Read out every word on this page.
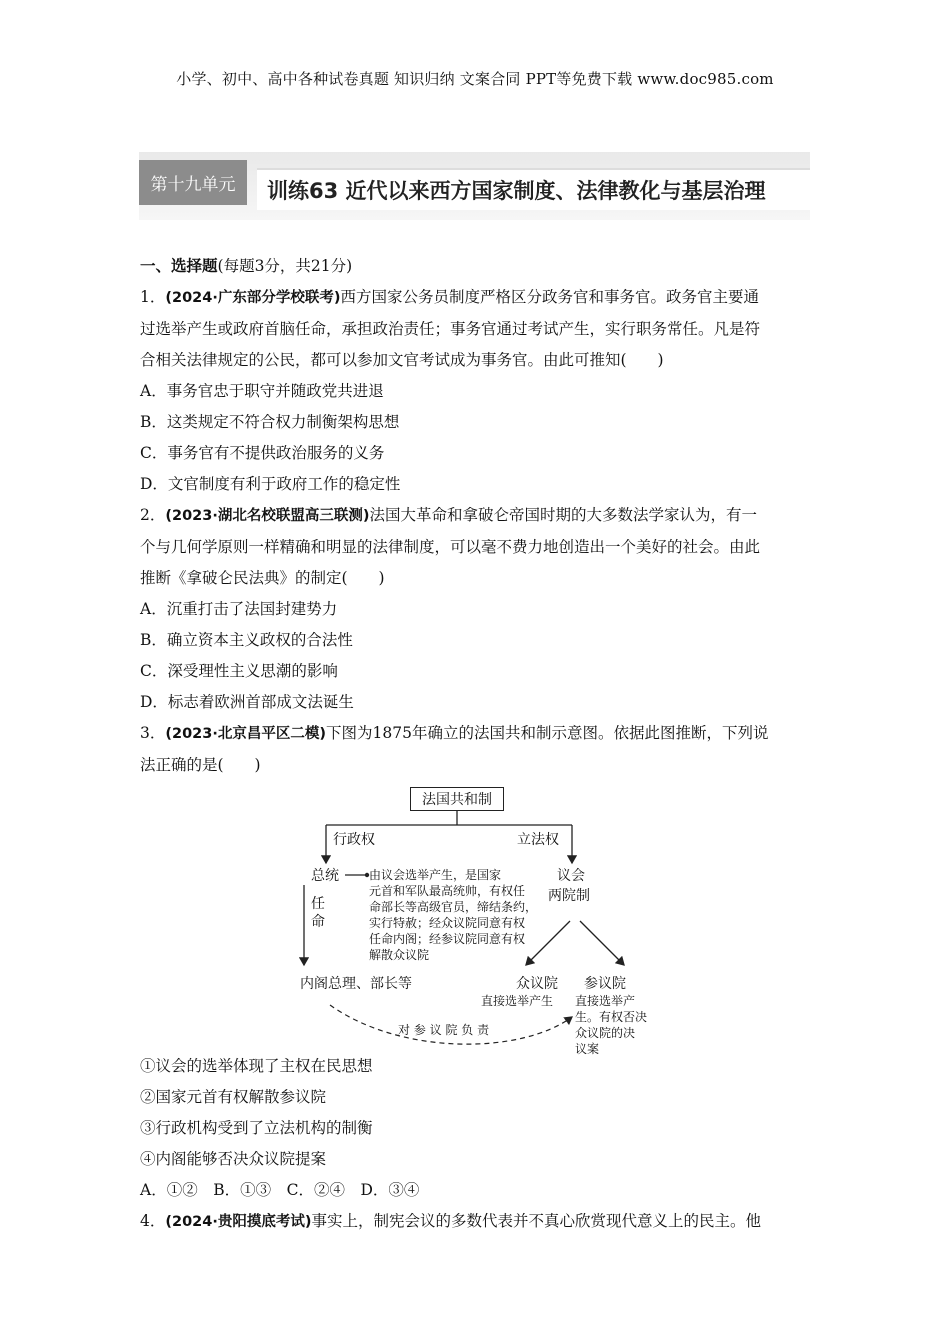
小学、初中、高中各种试卷真题 知识归纳 文案合同 PPT等免费下载 www.doc985.com
第十九单元	训练63 近代以来西方国家制度、法律教化与基层治理

一、选择题(每题3分，共21分)

1．(2024·广东部分学校联考)西方国家公务员制度严格区分政务官和事务官。政务官主要通

过选举产生或政府首脑任命，承担政治责任；事务官通过考试产生，实行职务常任。凡是符

合相关法律规定的公民，都可以参加文官考试成为事务官。由此可推知(　　)

A．事务官忠于职守并随政党共进退

B．这类规定不符合权力制衡架构思想

C．事务官有不提供政治服务的义务

D．文官制度有利于政府工作的稳定性

2．(2023·湖北名校联盟高三联测)法国大革命和拿破仑帝国时期的大多数法学家认为，有一

个与几何学原则一样精确和明显的法律制度，可以毫不费力地创造出一个美好的社会。由此

推断《拿破仑民法典》的制定(　　)

A．沉重打击了法国封建势力

B．确立资本主义政权的合法性

C．深受理性主义思潮的影响

D．标志着欧洲首部成文法诞生

3．(2023·北京昌平区二模)下图为1875年确立的法国共和制示意图。依据此图推断，下列说

法正确的是(　　)

法国共和制
行政权	立法权
总统	由议会选举产生，是国家
元首和军队最高统帅，有权任
命部长等高级官员，缔结条约，
实行特赦；经众议院同意有权
任命内阁；经参议院同意有权
解散众议院
任命
内阁总理、部长等
议会
两院制
众议院
直接选举产生
参议院
直接选举产
生。有权否决
众议院的决
议案
对 参 议 院 负 责

①议会的选举体现了主权在民思想

②国家元首有权解散参议院

③行政机构受到了立法机构的制衡

④内阁能够否决众议院提案

A．①②　B．①③　C．②④　D．③④

4．(2024·贵阳摸底考试)事实上，制宪会议的多数代表并不真心欣赏现代意义上的民主。他
